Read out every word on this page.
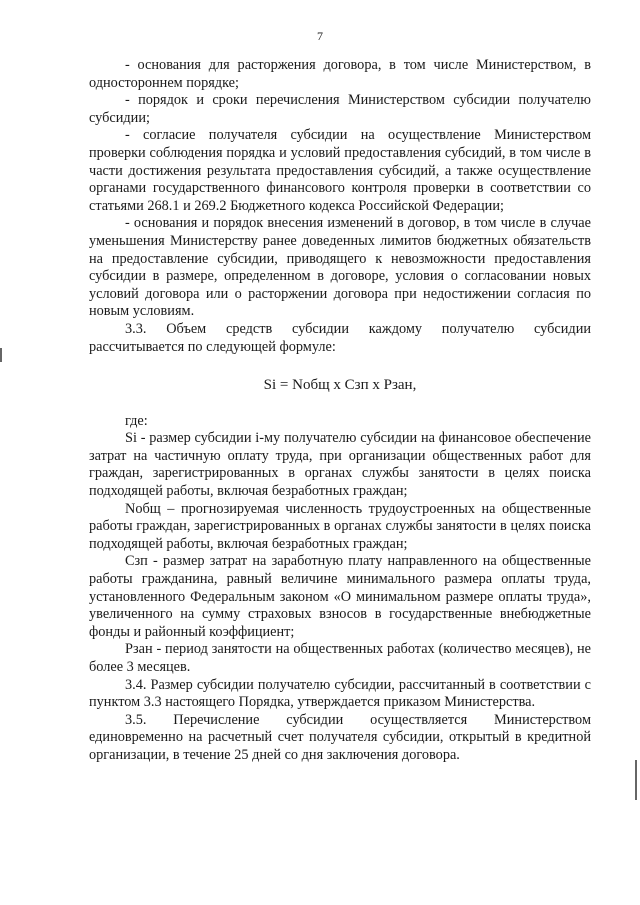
7

- основания для расторжения договора, в том числе Министерством, в одностороннем порядке;

- порядок и сроки перечисления Министерством субсидии получателю субсидии;

- согласие получателя субсидии на осуществление Министерством проверки соблюдения порядка и условий предоставления субсидий, в том числе в части достижения результата предоставления субсидий, а также осуществление органами государственного финансового контроля проверки в соответствии со статьями 268.1 и 269.2 Бюджетного кодекса Российской Федерации;

- основания и порядок внесения изменений в договор, в том числе в случае уменьшения Министерству ранее доведенных лимитов бюджетных обязательств на предоставление субсидии, приводящего к невозможности предоставления субсидии в размере, определенном в договоре, условия о согласовании новых условий договора или о расторжении договора при недостижении согласия по новым условиям.

3.3. Объем средств субсидии каждому получателю субсидии рассчитывается по следующей формуле:

Si = Nобщ x Сзп x Рзан,

где:

Si - размер субсидии i-му получателю субсидии на финансовое обеспечение затрат на частичную оплату труда, при организации общественных работ для граждан, зарегистрированных в органах службы занятости в целях поиска подходящей работы, включая безработных граждан;

Nобщ – прогнозируемая численность трудоустроенных на общественные работы граждан, зарегистрированных в органах службы занятости в целях поиска подходящей работы, включая безработных граждан;

Сзп - размер затрат на заработную плату направленного на общественные работы гражданина, равный величине минимального размера оплаты труда, установленного Федеральным законом «О минимальном размере оплаты труда», увеличенного на сумму страховых взносов в государственные внебюджетные фонды и районный коэффициент;

Рзан - период занятости на общественных работах (количество месяцев), не более 3 месяцев.

3.4. Размер субсидии получателю субсидии, рассчитанный в соответствии с пунктом 3.3 настоящего Порядка, утверждается приказом Министерства.

3.5. Перечисление субсидии осуществляется Министерством единовременно на расчетный счет получателя субсидии, открытый в кредитной организации, в течение 25 дней со дня заключения договора.
